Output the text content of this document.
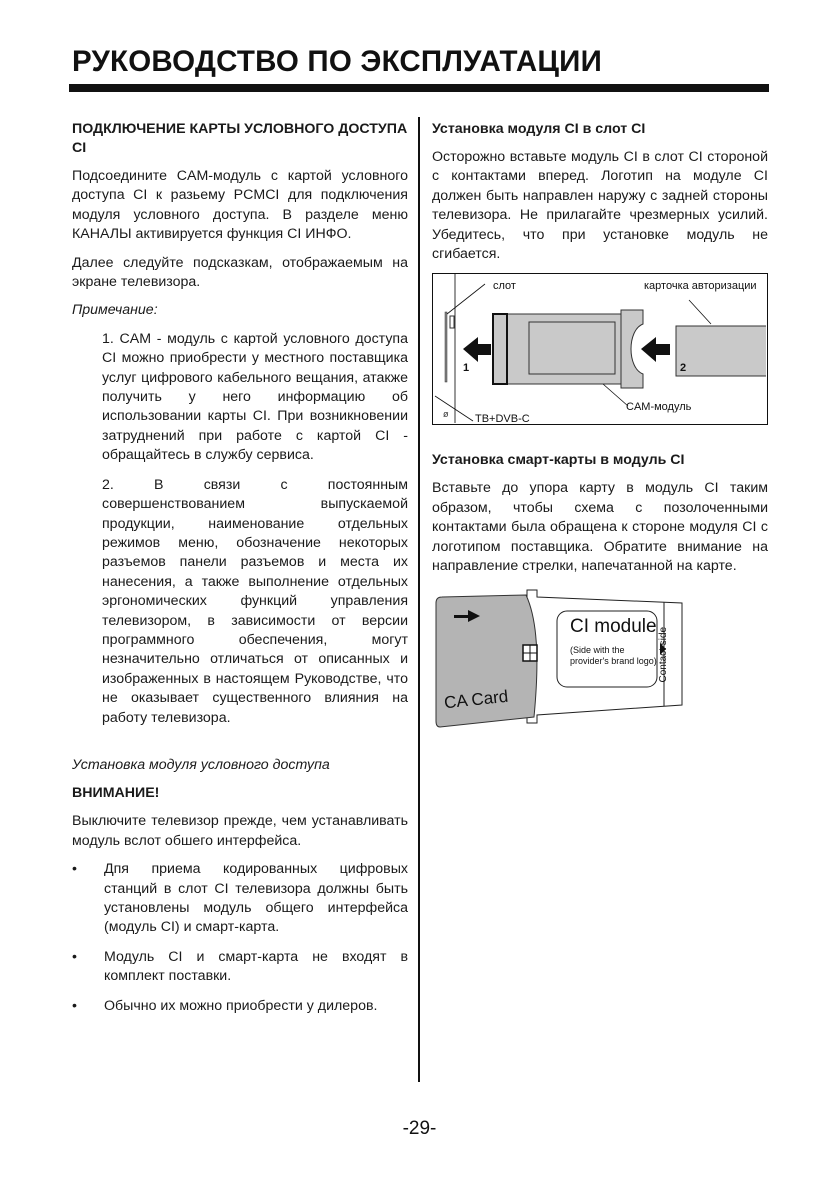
РУКОВОДСТВО ПО ЭКСПЛУАТАЦИИ

ПОДКЛЮЧЕНИЕ КАРТЫ УСЛОВНОГО ДОСТУПА CI

Подсоедините CAM-модуль с картой условного доступа CI к разьему PCMCI для подключения модуля условного доступа. В разделе меню КАНАЛЫ активируется функция CI ИНФО.

Далее следуйте подсказкам, отображаемым на экране телевизора.

Примечание:

1. CAM - модуль с картой условного доступа CI можно приобрести у местного поставщика услуг цифрового кабельного вещания, атакже получить у него информацию об использовании карты CI. При возникновении затруднений при работе с картой CI - обращайтесь в службу сервиса.

2. В связи с постоянным совершенствованием выпускаемой продукции, наименование отдельных режимов меню, обозначение некоторых разъемов панели разъемов и места их нанесения, а также выполнение отдельных эргономических функций управления телевизором, в зависимости от версии программного обеспечения, могут незначительно отличаться от описанных и изображенных в настоящем Руководстве, что не оказывает существенного влияния на работу телевизора.

Установка модуля условного доступа

ВНИМАНИЕ!

Выключите телевизор прежде, чем устанавливать модуль вслот обшего интерфейса.

•	Дпя приема кодированных цифровых станций в слот CI телевизора должны быть установлены модуль общего интерфейса (модуль CI) и смарт-карта.
•	Модуль CI и смарт-карта не входят в комплект поставки.
•	Обычно их можно приобрести у дилеров.

Установка модуля CI в слот CI

Осторожно вставьте модуль CI в слот CI стороной с контактами вперед. Логотип на модуле CI должен быть направлен наружу с задней стороны телевизора. Не прилагайте чрезмерных усилий. Убедитесь, что при установке модуль не сгибается.

ø
слот	карточка авторизации
1	2
CAM-модуль
TB+DVB-C

Установка смарт-карты в модуль CI

Вставьте до упора карту в модуль CI таким образом, чтобы схема с позолоченными контактами была обращена к стороне модуля CI с логотипом поставщика. Обратите внимание на направление стрелки, напечатанной на карте.

CI module
(Side with the
provider's brand logo) Contact side
CA Card
-29-
